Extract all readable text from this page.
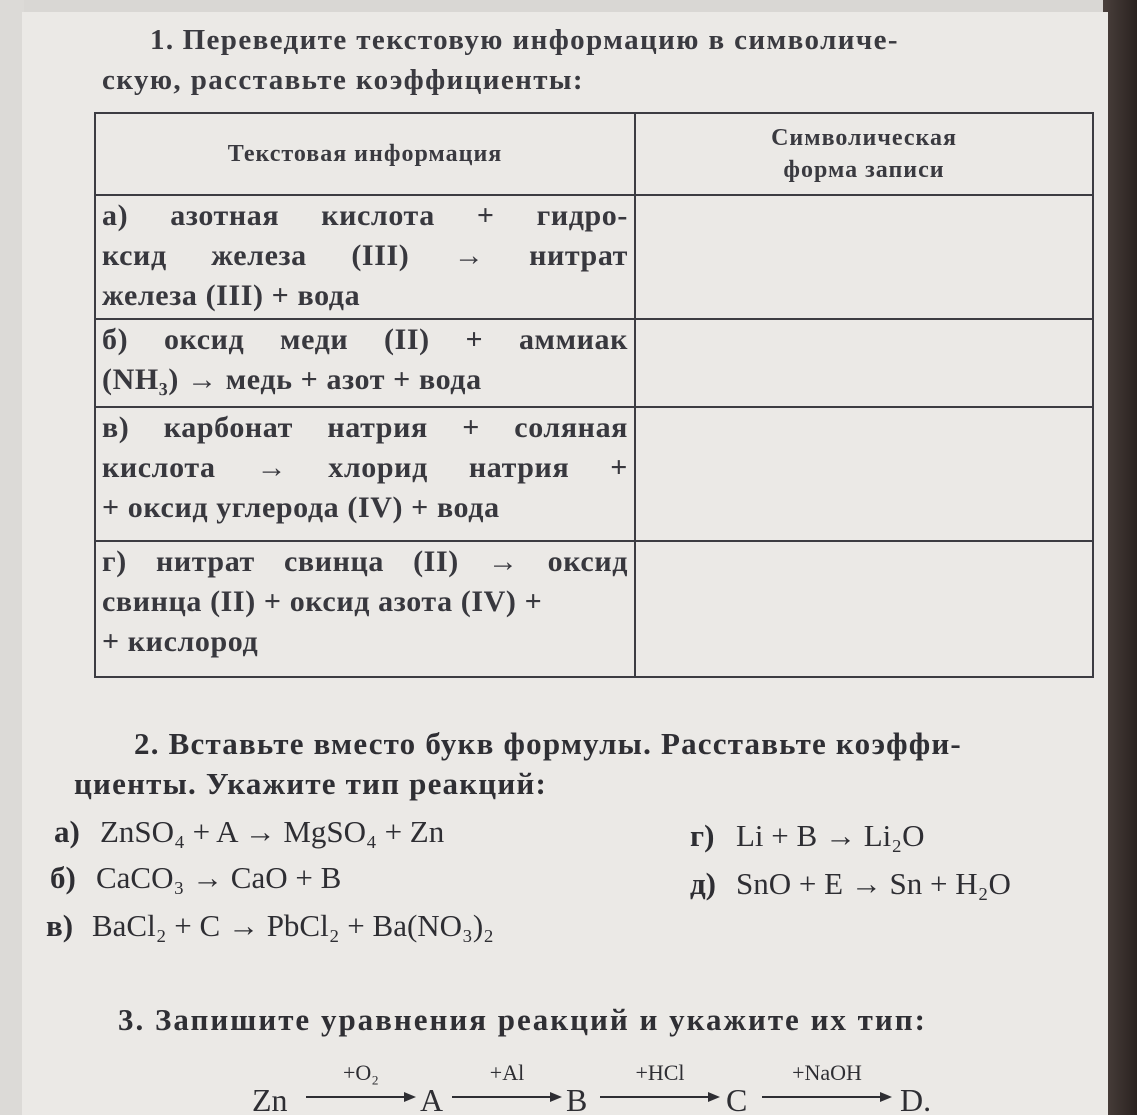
1. Переведите текстовую информацию в символиче-
скую, расставьте коэффициенты:
Текстовая информация	Символическая
форма записи

а) азотная кислота + гидро-
ксид железа (III) → нитрат
железа (III) + вода	

б) оксид меди (II) + аммиак
(NH₃) → медь + азот + вода	

в) карбонат натрия + соляная
кислота → хлорид натрия +
+ оксид углерода (IV) + вода	

г) нитрат свинца (II) → оксид
свинца (II) + оксид азота (IV) +
+ кислород	

2. Вставьте вместо букв формулы. Расставьте коэффи-
циенты. Укажите тип реакций:
а) ZnSO₄ + A → MgSO₄ + Zn
б) CaCO₃ → CaO + B
в) BaCl₂ + C → PbCl₂ + Ba(NO₃)₂
г) Li + B → Li₂O
д) SnO + E → Sn + H₂O
3. Запишите уравнения реакций и укажите их тип:
Zn
+O₂
A
+Al
B
+HCl
C
+NaOH
D.
